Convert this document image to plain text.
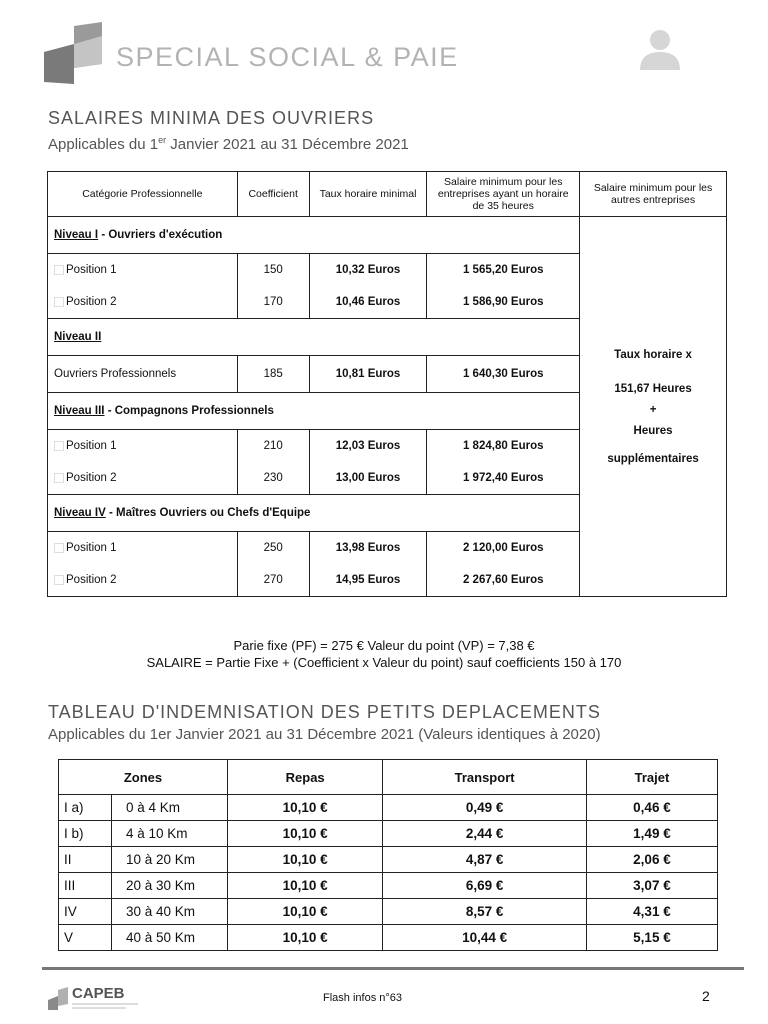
SPECIAL SOCIAL & PAIE
SALAIRES MINIMA DES OUVRIERS
Applicables du 1er Janvier 2021 au 31 Décembre 2021
Catégorie Professionnelle	Coefficient	Taux horaire minimal	Salaire minimum pour les entreprises ayant un horaire de 35 heures	Salaire minimum pour les autres entreprises
Niveau I - Ouvriers d'exécution				Taux horaire x
151,67 Heures
+
Heures
supplémentaires

Position 1	150	10,32 Euros	1 565,20 Euros	
Position 2	170	10,46 Euros	1 586,90 Euros	
Niveau II				
Ouvriers Professionnels	185	10,81 Euros	1 640,30 Euros	
Niveau III - Compagnons Professionnels				
Position 1	210	12,03 Euros	1 824,80 Euros	
Position 2	230	13,00 Euros	1 972,40 Euros	
Niveau IV - Maîtres Ouvriers ou Chefs d'Equipe				
Position 1	250	13,98 Euros	2 120,00 Euros	
Position 2	270	14,95 Euros	2 267,60 Euros	
Parie fixe (PF) = 275 € Valeur du point (VP) = 7,38 €
SALAIRE = Partie Fixe + (Coefficient x Valeur du point) sauf coefficients 150 à 170
TABLEAU D'INDEMNISATION DES PETITS DEPLACEMENTS
Applicables du 1er Janvier 2021 au 31 Décembre 2021 (Valeurs identiques à 2020)
Zones		Repas	Transport	Trajet
I a)	0 à 4 Km	10,10 €	0,49 €	0,46 €
I b)	4 à 10 Km	10,10 €	2,44 €	1,49 €
II	10 à 20 Km	10,10 €	4,87 €	2,06 €
III	20 à 30 Km	10,10 €	6,69 €	3,07 €
IV	30 à 40 Km	10,10 €	8,57 €	4,31 €
V	40 à 50 Km	10,10 €	10,44 €	5,15 €
CAPEB	Flash infos n°63	2
